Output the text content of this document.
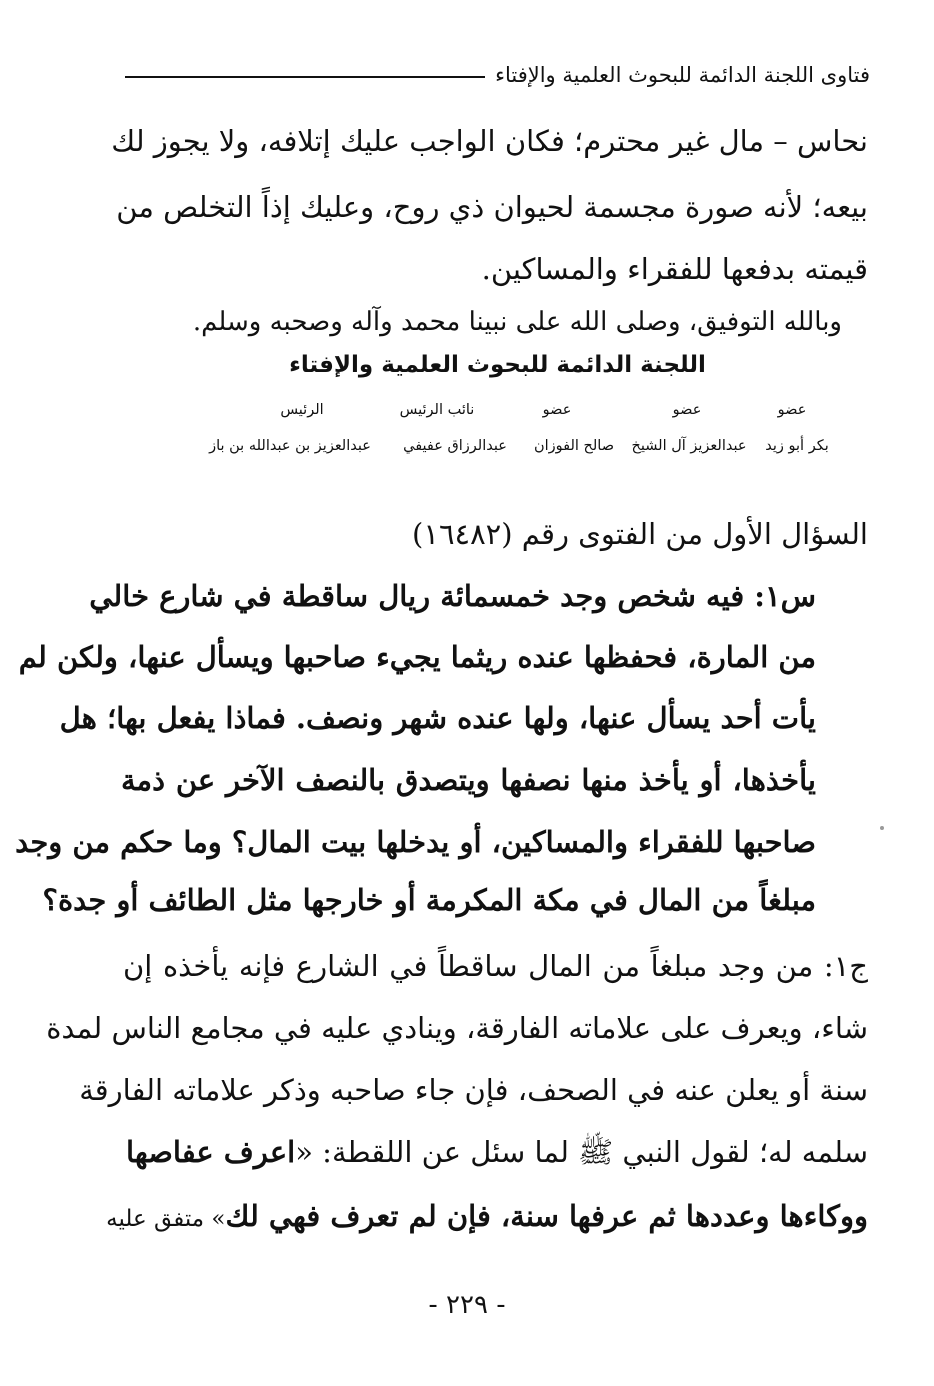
فتاوى اللجنة الدائمة للبحوث العلمية والإفتاء
نحاس – مال غير محترم؛ فكان الواجب عليك إتلافه، ولا يجوز لك
بيعه؛ لأنه صورة مجسمة لحيوان ذي روح، وعليك إذاً التخلص من
قيمته بدفعها للفقراء والمساكين.
وبالله التوفيق، وصلى الله على نبينا محمد وآله وصحبه وسلم.
اللجنة الدائمة للبحوث العلمية والإفتاء
عضو
عضو
عضو
نائب الرئيس
الرئيس
بكر أبو زيد
عبدالعزيز آل الشيخ
صالح الفوزان
عبدالرزاق عفيفي
عبدالعزيز بن عبدالله بن باز
السؤال الأول من الفتوى رقم (١٦٤٨٢)
س١: فيه شخص وجد خمسمائة ريال ساقطة في شارع خالي
من المارة، فحفظها عنده ريثما يجيء صاحبها ويسأل عنها، ولكن لم
يأت أحد يسأل عنها، ولها عنده شهر ونصف. فماذا يفعل بها؛ هل
يأخذها، أو يأخذ منها نصفها ويتصدق بالنصف الآخر عن ذمة
صاحبها للفقراء والمساكين، أو يدخلها بيت المال؟ وما حكم من وجد
مبلغاً من المال في مكة المكرمة أو خارجها مثل الطائف أو جدة؟
ج١: من وجد مبلغاً من المال ساقطاً في الشارع فإنه يأخذه إن
شاء، ويعرف على علاماته الفارقة، وينادي عليه في مجامع الناس لمدة
سنة أو يعلن عنه في الصحف، فإن جاء صاحبه وذكر علاماته الفارقة
سلمه له؛ لقول النبي ﷺ لما سئل عن اللقطة: «اعرف عفاصها
ووكاءها وعددها ثم عرفها سنة، فإن لم تعرف فهي لك» متفق عليه
- ٢٢٩ -
